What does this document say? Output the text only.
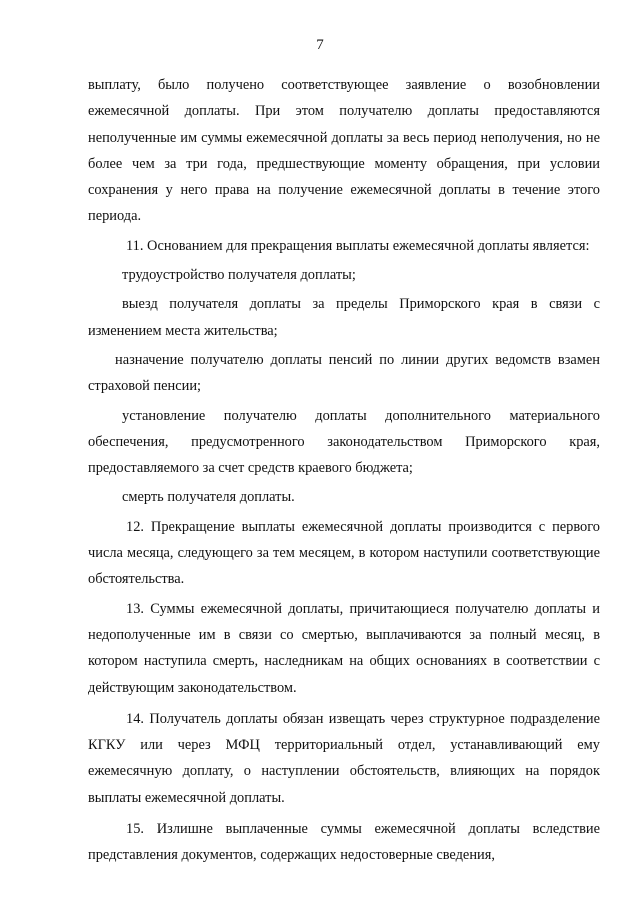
7

выплату, было получено соответствующее заявление о возобновлении ежемесячной доплаты. При этом получателю доплаты предоставляются неполученные им суммы ежемесячной доплаты за весь период неполучения, но не более чем за три года, предшествующие моменту обращения, при условии сохранения у него права на получение ежемесячной доплаты в течение этого периода.

11. Основанием для прекращения выплаты ежемесячной доплаты является:

трудоустройство получателя доплаты;

выезд получателя доплаты за пределы Приморского края в связи с изменением места жительства;

назначение получателю доплаты пенсий по линии других ведомств взамен страховой пенсии;

установление получателю доплаты дополнительного материального обеспечения, предусмотренного законодательством Приморского края, предоставляемого за счет средств краевого бюджета;

смерть получателя доплаты.

12. Прекращение выплаты ежемесячной доплаты производится с первого числа месяца, следующего за тем месяцем, в котором наступили соответствующие обстоятельства.

13. Суммы ежемесячной доплаты, причитающиеся получателю доплаты и недополученные им в связи со смертью, выплачиваются за полный месяц, в котором наступила смерть, наследникам на общих основаниях в соответствии с действующим законодательством.

14. Получатель доплаты обязан извещать через структурное подразделение КГКУ или через МФЦ территориальный отдел, устанавливающий ему ежемесячную доплату, о наступлении обстоятельств, влияющих на порядок выплаты ежемесячной доплаты.

15. Излишне выплаченные суммы ежемесячной доплаты вследствие представления документов, содержащих недостоверные сведения,
